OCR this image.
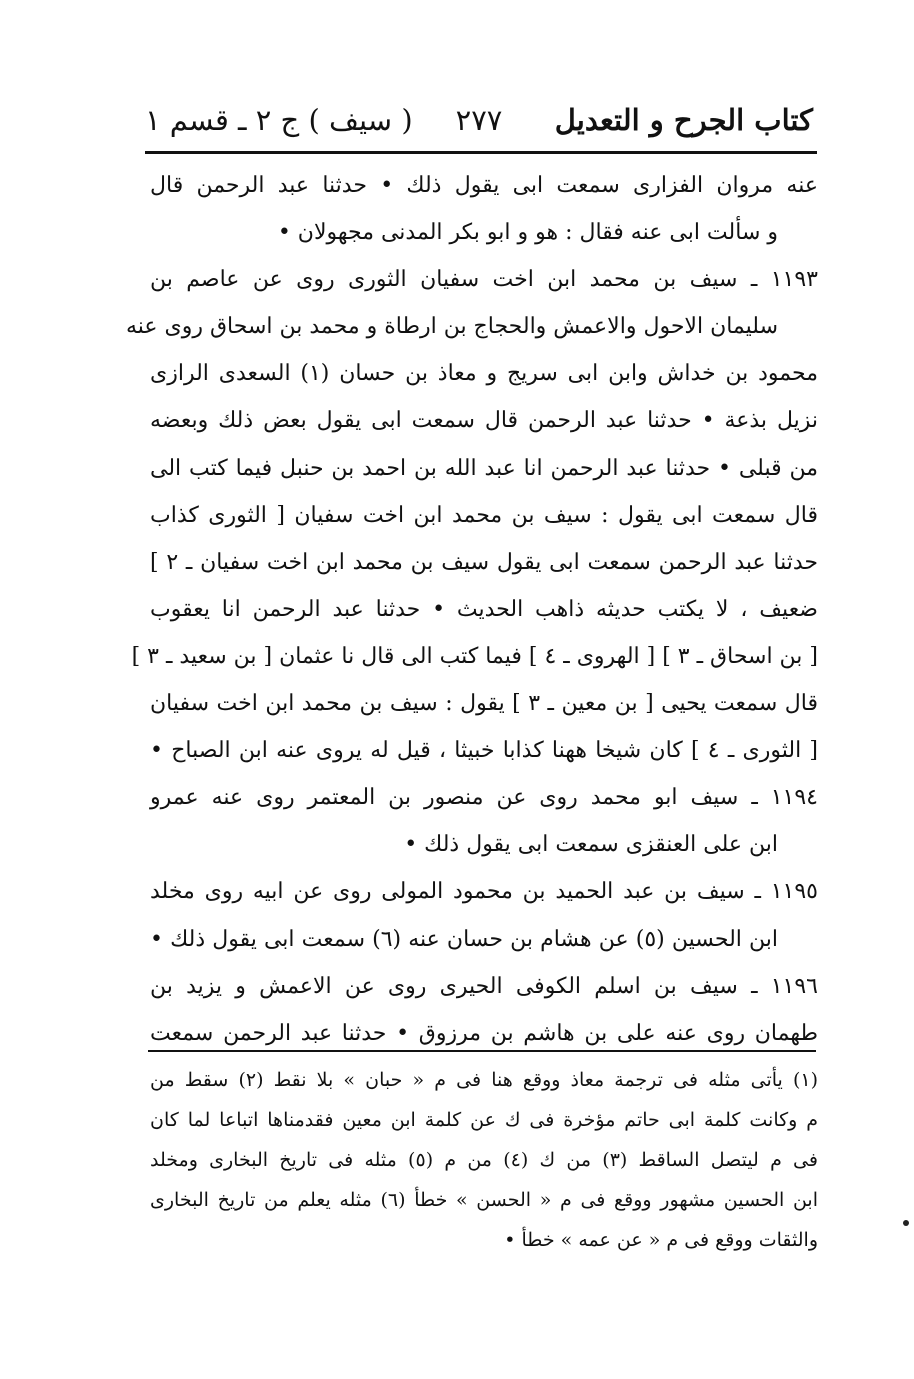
كتاب الجرح و التعديل
٢٧٧
( سيف ) ج ٢ ـ قسم ١
عنه مروان الفزارى سمعت ابى يقول ذلك • حدثنا عبد الرحمن قال
و سألت ابى عنه فقال : هو و ابو بكر المدنى مجهولان •
١١٩٣ ـ سيف بن محمد ابن اخت سفيان الثورى روى عن عاصم بن
سليمان الاحول والاعمش والحجاج بن ارطاة و محمد بن اسحاق روى عنه
محمود بن خداش وابن ابى سريج و معاذ بن حسان (١) السعدى الرازى
نزيل بذعة • حدثنا عبد الرحمن قال سمعت ابى يقول بعض ذلك وبعضه
من قبلى • حدثنا عبد الرحمن انا عبد الله بن احمد بن حنبل فيما كتب الى
قال سمعت ابى يقول : سيف بن محمد ابن اخت سفيان [ الثورى كذاب
حدثنا عبد الرحمن سمعت ابى يقول سيف بن محمد ابن اخت سفيان ـ ٢ ]
ضعيف ، لا يكتب حديثه ذاهب الحديث • حدثنا عبد الرحمن انا يعقوب
[ بن اسحاق ـ ٣ ] [ الهروى ـ ٤ ] فيما كتب الى قال نا عثمان [ بن سعيد ـ ٣ ]
قال سمعت يحيى [ بن معين ـ ٣ ] يقول : سيف بن محمد ابن اخت سفيان
[ الثورى ـ ٤ ] كان شيخا ههنا كذابا خبيثا ، قيل له يروى عنه ابن الصباح •
١١٩٤ ـ سيف ابو محمد روى عن منصور بن المعتمر روى عنه عمرو
ابن على العنقزى سمعت ابى يقول ذلك •
١١٩٥ ـ سيف بن عبد الحميد بن محمود المولى روى عن ابيه روى مخلد
ابن الحسين (٥) عن هشام بن حسان عنه (٦) سمعت ابى يقول ذلك •
١١٩٦ ـ سيف بن اسلم الكوفى الحيرى روى عن الاعمش و يزيد بن
طهمان روى عنه على بن هاشم بن مرزوق • حدثنا عبد الرحمن سمعت
(١) يأتى مثله فى ترجمة معاذ ووقع هنا فى م « حبان » بلا نقط (٢) سقط من
م وكانت كلمة ابى حاتم مؤخرة فى ك عن كلمة ابن معين فقدمناها اتباعا لما كان
فى م ليتصل الساقط (٣) من ك (٤) من م (٥) مثله فى تاريخ البخارى ومخلد
ابن الحسين مشهور ووقع فى م « الحسن » خطأ (٦) مثله يعلم من تاريخ البخارى
والثقات ووقع فى م « عن عمه » خطأ •
